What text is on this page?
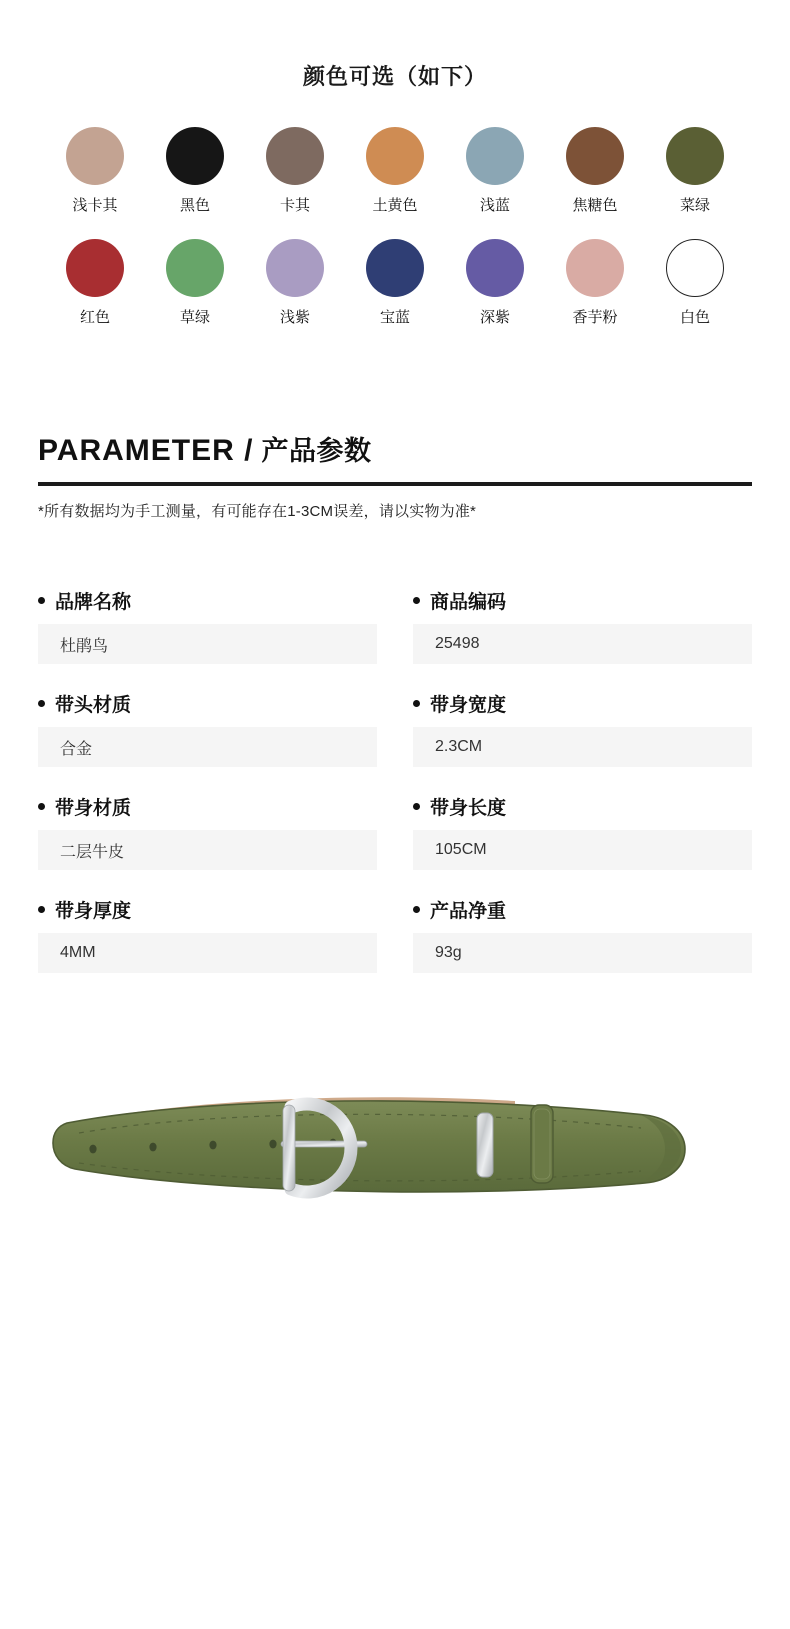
颜色可选（如下）
浅卡其	黑色	卡其	土黄色	浅蓝	焦糖色	菜绿
红色	草绿	浅紫	宝蓝	深紫	香芋粉	白色
PARAMETER / 产品参数
*所有数据均为手工测量，有可能存在1-3CM误差，请以实物为准*
品牌名称
杜鹃鸟
商品编码
25498
带头材质
合金
带身宽度
2.3CM
带身材质
二层牛皮
带身长度
105CM
带身厚度
4MM
产品净重
93g
